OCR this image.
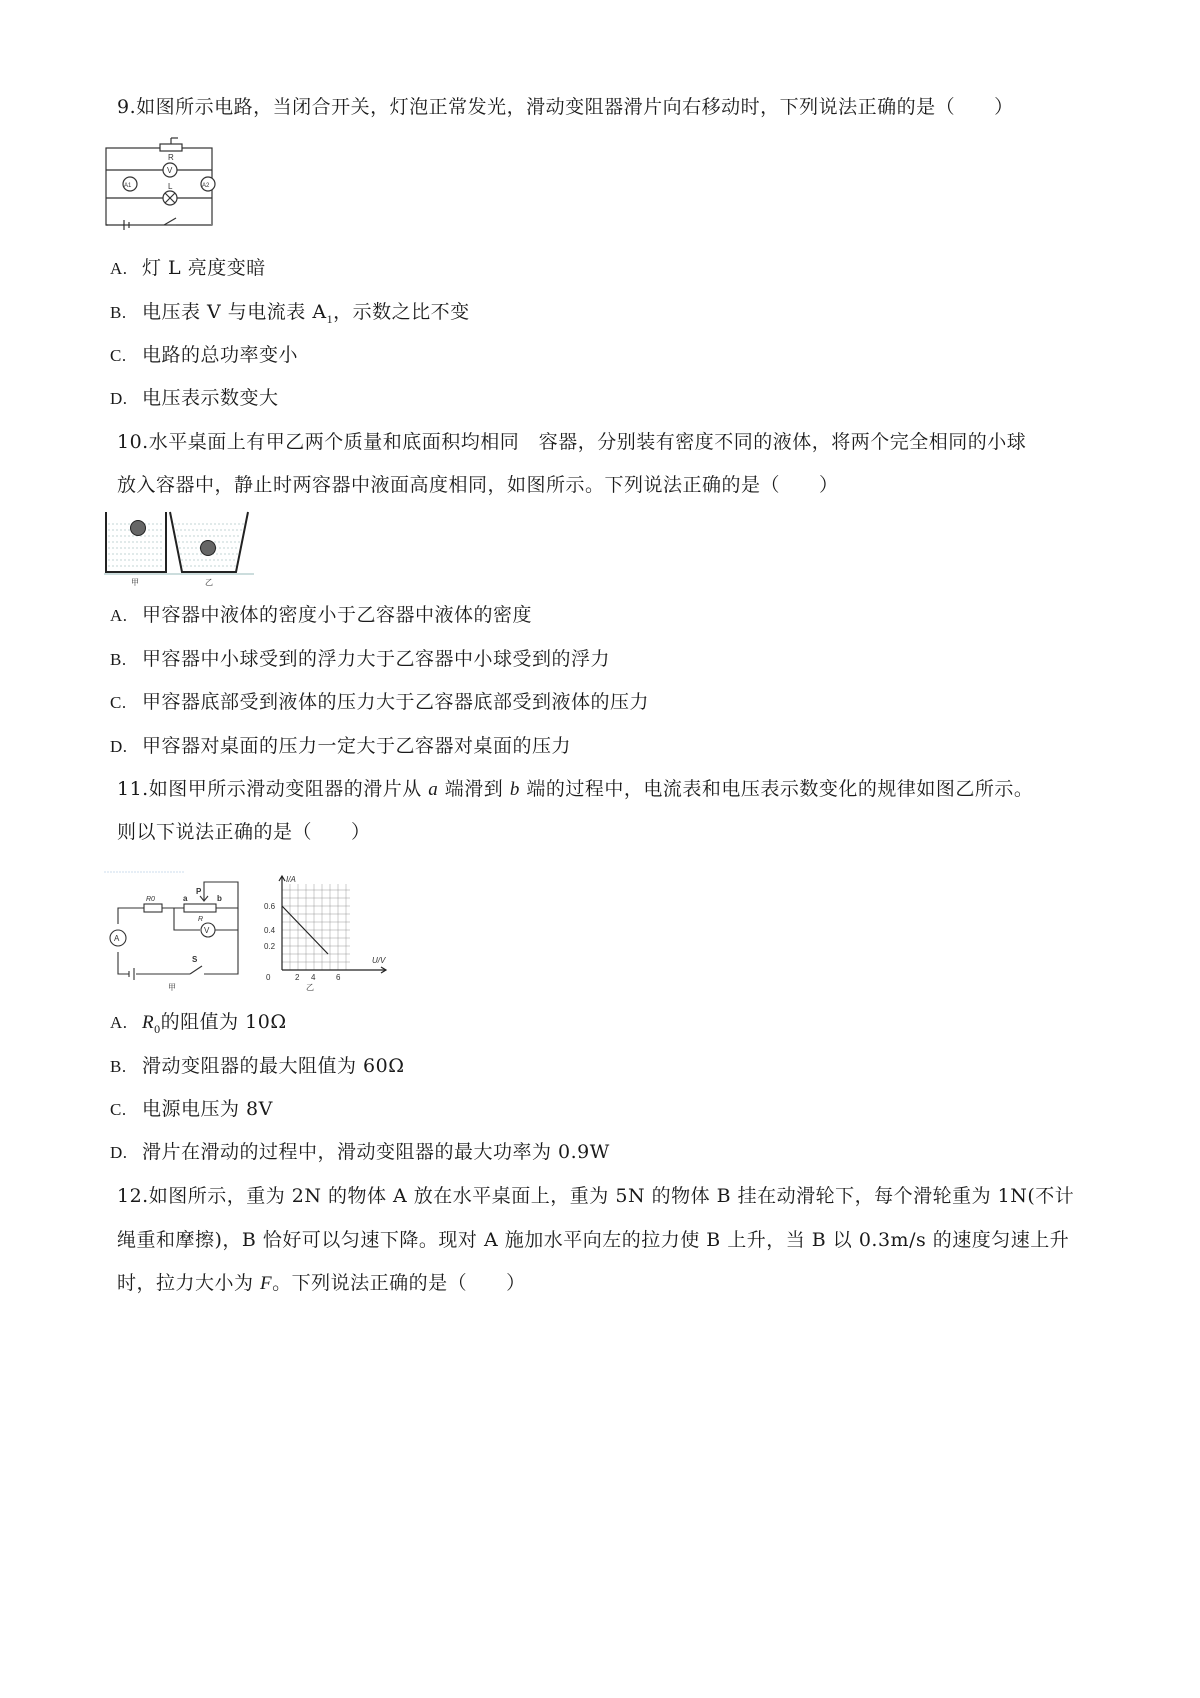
9.如图所示电路，当闭合开关，灯泡正常发光，滑动变阻器滑片向右移动时，下列说法正确的是（　　）
R
V
L
A1	A2
A. 灯 L 亮度变暗
B. 电压表 V 与电流表 $A_1$，示数之比不变
C. 电路的总功率变小
D. 电压表示数变大
10.水平桌面上有甲乙两个质量和底面积均相同　容器，分别装有密度不同的液体，将两个完全相同的小球
放入容器中，静止时两容器中液面高度相同，如图所示。下列说法正确的是（　　）
甲	乙
A. 甲容器中液体的密度小于乙容器中液体的密度
B. 甲容器中小球受到的浮力大于乙容器中小球受到的浮力
C. 甲容器底部受到液体的压力大于乙容器底部受到液体的压力
D. 甲容器对桌面的压力一定大于乙容器对桌面的压力
11.如图甲所示滑动变阻器的滑片从 a 端滑到 b 端的过程中，电流表和电压表示数变化的规律如图乙所示。
则以下说法正确的是（　　）
R0	a
P
b
R
V
A
S
甲
I/A
U/V
0.6
0.4
0.2
0	2 4	6
乙
A. $R_0$的阻值为 10Ω
B. 滑动变阻器的最大阻值为 60Ω
C. 电源电压为 8V
D. 滑片在滑动的过程中，滑动变阻器的最大功率为 0.9W
12.如图所示，重为 2N 的物体 A 放在水平桌面上，重为 5N 的物体 B 挂在动滑轮下，每个滑轮重为 1N(不计
绳重和摩擦)，B 恰好可以匀速下降。现对 A 施加水平向左的拉力使 B 上升，当 B 以 0.3m/s 的速度匀速上升
时，拉力大小为 F。下列说法正确的是（　　）
